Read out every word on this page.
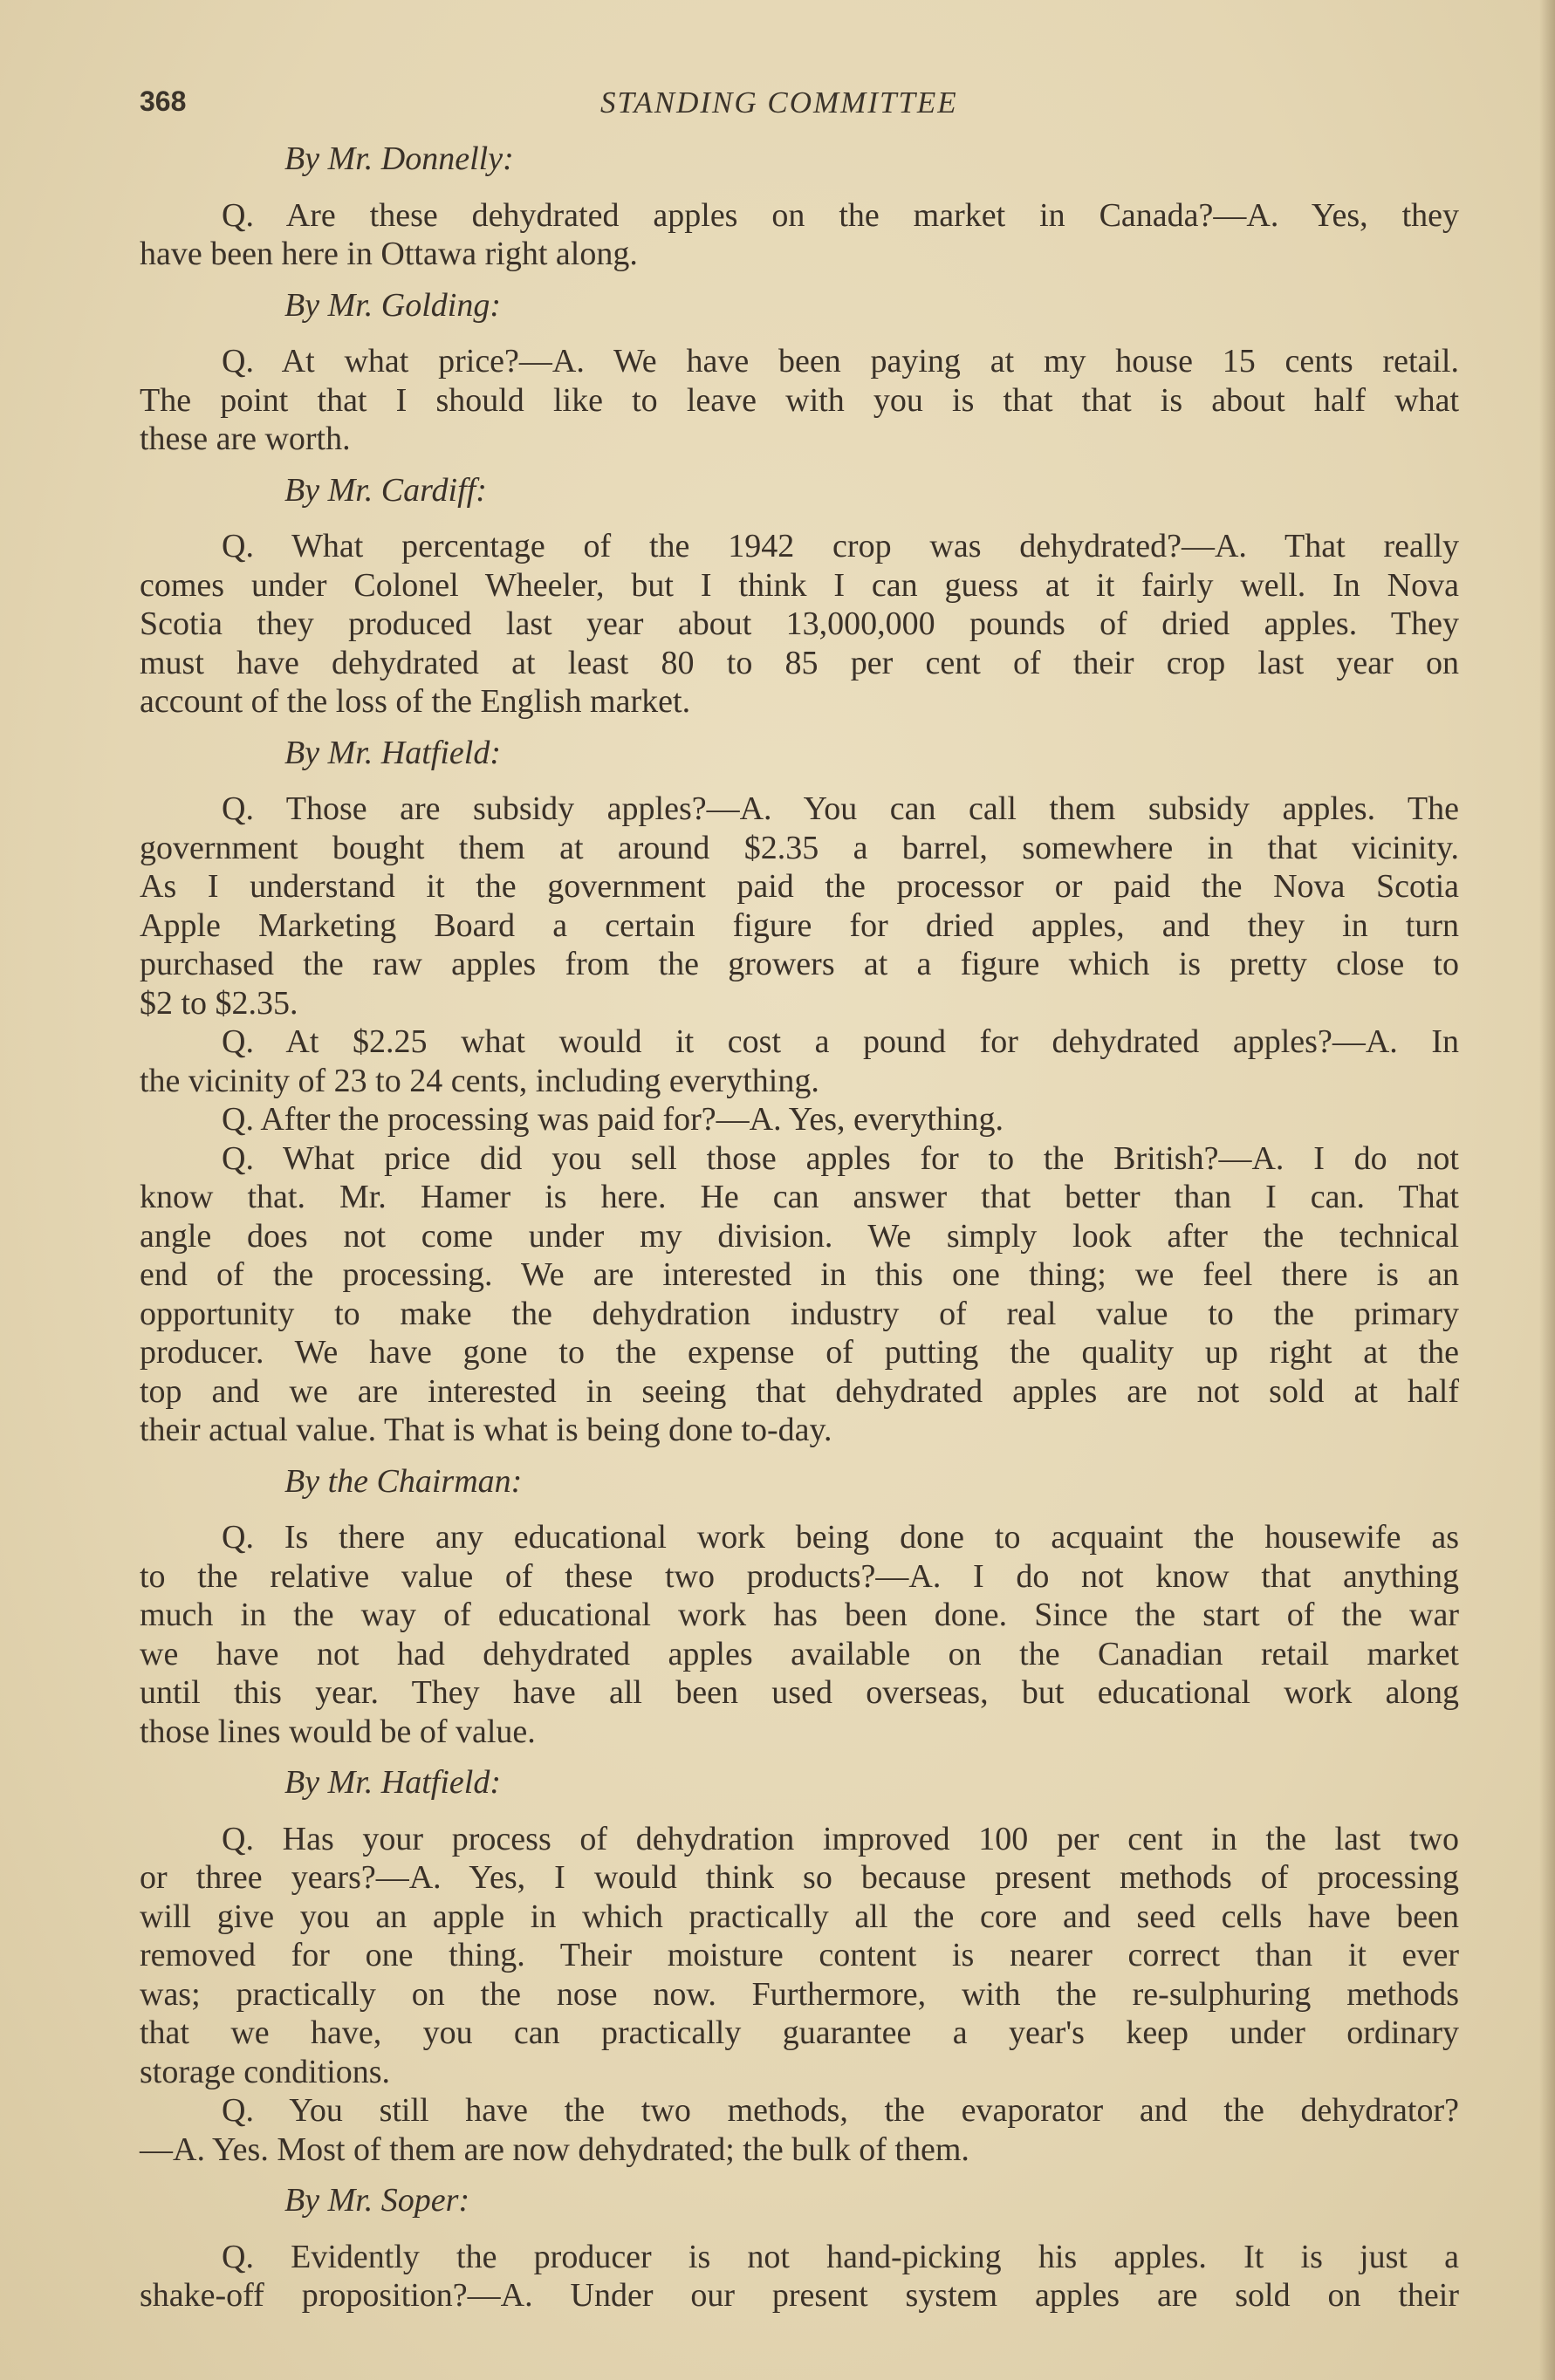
368	STANDING COMMITTEE
By Mr. Donnelly:
Q. Are these dehydrated apples on the market in Canada?—A. Yes, they
have been here in Ottawa right along.
By Mr. Golding:
Q. At what price?—A. We have been paying at my house 15 cents retail.
The point that I should like to leave with you is that that is about half what
these are worth.
By Mr. Cardiff:
Q. What percentage of the 1942 crop was dehydrated?—A. That really
comes under Colonel Wheeler, but I think I can guess at it fairly well. In Nova
Scotia they produced last year about 13,000,000 pounds of dried apples. They
must have dehydrated at least 80 to 85 per cent of their crop last year on
account of the loss of the English market.
By Mr. Hatfield:
Q. Those are subsidy apples?—A. You can call them subsidy apples. The
government bought them at around $2.35 a barrel, somewhere in that vicinity.
As I understand it the government paid the processor or paid the Nova Scotia
Apple Marketing Board a certain figure for dried apples, and they in turn
purchased the raw apples from the growers at a figure which is pretty close to
$2 to $2.35.
Q. At $2.25 what would it cost a pound for dehydrated apples?—A. In
the vicinity of 23 to 24 cents, including everything.
Q. After the processing was paid for?—A. Yes, everything.
Q. What price did you sell those apples for to the British?—A. I do not
know that. Mr. Hamer is here. He can answer that better than I can. That
angle does not come under my division. We simply look after the technical
end of the processing. We are interested in this one thing; we feel there is an
opportunity to make the dehydration industry of real value to the primary
producer. We have gone to the expense of putting the quality up right at the
top and we are interested in seeing that dehydrated apples are not sold at half
their actual value. That is what is being done to-day.
By the Chairman:
Q. Is there any educational work being done to acquaint the housewife as
to the relative value of these two products?—A. I do not know that anything
much in the way of educational work has been done. Since the start of the war
we have not had dehydrated apples available on the Canadian retail market
until this year. They have all been used overseas, but educational work along
those lines would be of value.
By Mr. Hatfield:
Q. Has your process of dehydration improved 100 per cent in the last two
or three years?—A. Yes, I would think so because present methods of processing
will give you an apple in which practically all the core and seed cells have been
removed for one thing. Their moisture content is nearer correct than it ever
was; practically on the nose now. Furthermore, with the re-sulphuring methods
that we have, you can practically guarantee a year's keep under ordinary
storage conditions.
Q. You still have the two methods, the evaporator and the dehydrator?
—A. Yes. Most of them are now dehydrated; the bulk of them.
By Mr. Soper:
Q. Evidently the producer is not hand-picking his apples. It is just a
shake-off proposition?—A. Under our present system apples are sold on their
